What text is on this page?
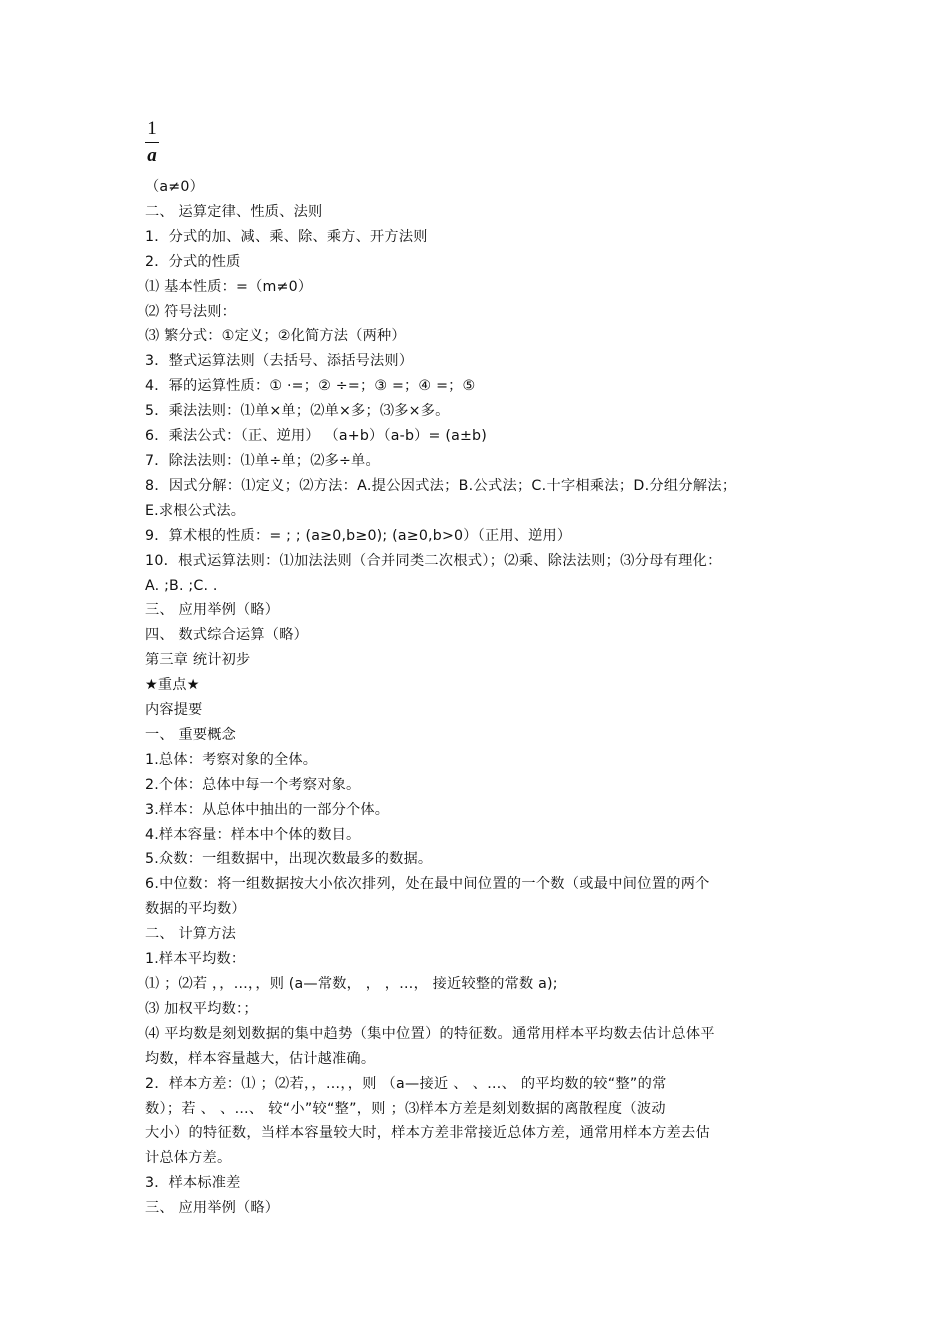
1
a
（a≠0）
二、 运算定律、性质、法则
1．分式的加、减、乘、除、乘方、开方法则
2．分式的性质
⑴ 基本性质：=（m≠0）
⑵ 符号法则：
⑶ 繁分式：①定义；②化简方法（两种）
3．整式运算法则（去括号、添括号法则）
4．幂的运算性质：① ·=；② ÷=；③ =；④ =；⑤
5．乘法法则：⑴单×单；⑵单×多；⑶多×多。
6．乘法公式：（正、逆用） （a+b）（a-b）= (a±b)
7．除法法则：⑴单÷单；⑵多÷单。
8．因式分解：⑴定义；⑵方法：A.提公因式法；B.公式法；C.十字相乘法；D.分组分解法；
E.求根公式法。
9．算术根的性质：= ; ; (a≥0,b≥0); (a≥0,b>0）（正用、逆用）
10．根式运算法则：⑴加法法则（合并同类二次根式）；⑵乘、除法法则；⑶分母有理化：
A. ;B. ;C. .
三、 应用举例（略）
四、 数式综合运算（略）
第三章 统计初步
★重点★
内容提要
一、 重要概念
1.总体：考察对象的全体。
2.个体：总体中每一个考察对象。
3.样本：从总体中抽出的一部分个体。
4.样本容量：样本中个体的数目。
5.众数：一组数据中，出现次数最多的数据。
6.中位数：将一组数据按大小依次排列，处在最中间位置的一个数（或最中间位置的两个
数据的平均数）
二、 计算方法
1.样本平均数：
⑴ ；⑵若 ，，…，，则 (a—常数， ， ，…， 接近较整的常数 a);
⑶ 加权平均数：；
⑷ 平均数是刻划数据的集中趋势（集中位置）的特征数。通常用样本平均数去估计总体平
均数，样本容量越大，估计越准确。
2．样本方差：⑴ ；⑵若，，…，，则 （a—接近 、 、…、 的平均数的较“整”的常
数）；若 、 、…、 较“小”较“整”，则 ；⑶样本方差是刻划数据的离散程度（波动
大小）的特征数，当样本容量较大时，样本方差非常接近总体方差，通常用样本方差去估
计总体方差。
3．样本标准差
三、 应用举例（略）
